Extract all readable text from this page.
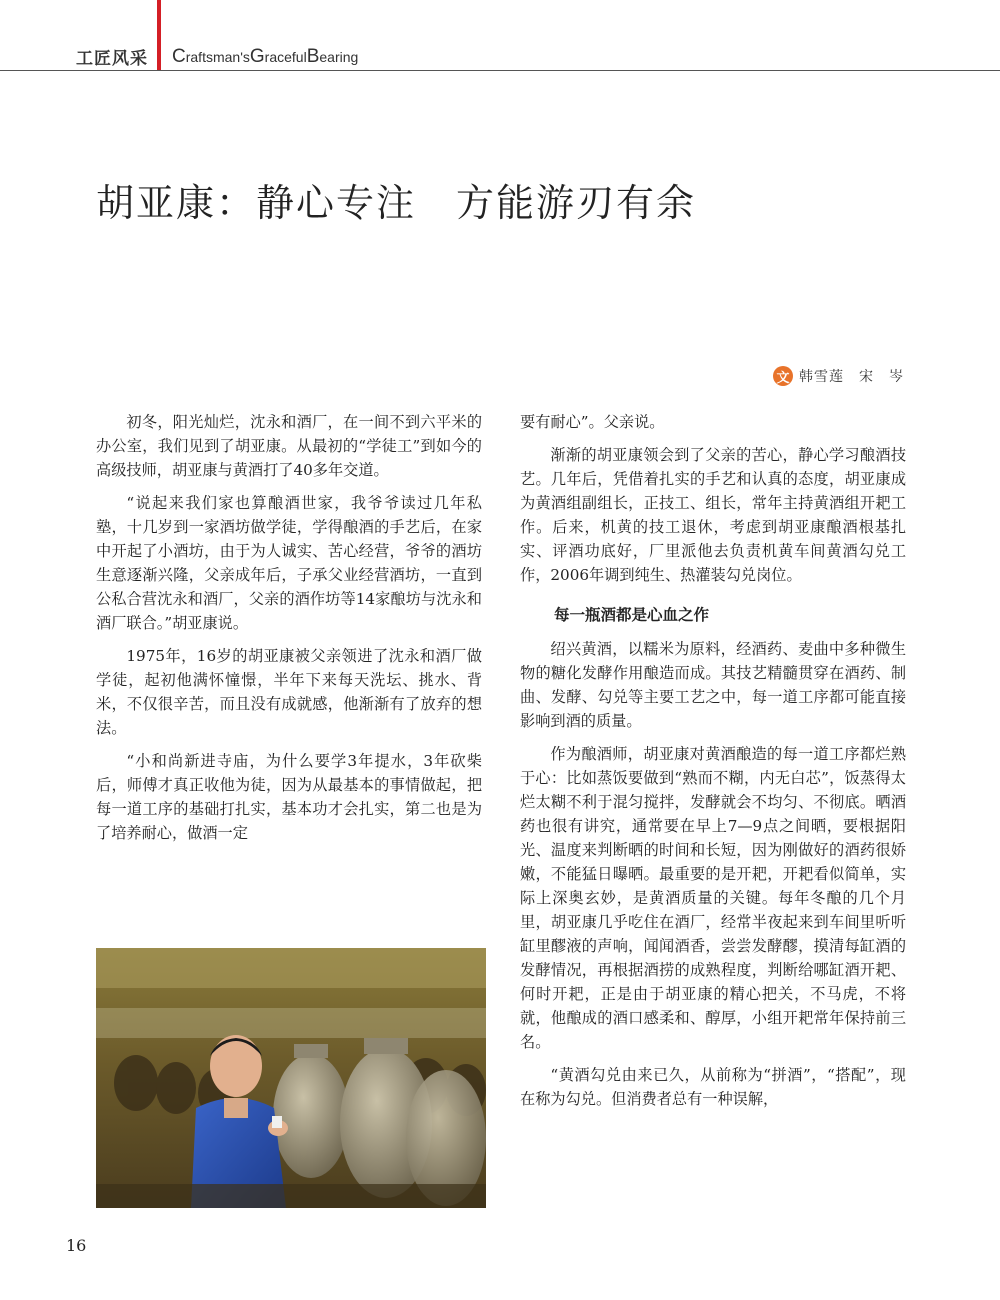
工匠风采 Craftsman'sGracefulBearing
胡亚康：静心专注　方能游刃有余
文 韩雪莲　宋　岑

初冬，阳光灿烂，沈永和酒厂，在一间不到六平米的办公室，我们见到了胡亚康。从最初的“学徒工”到如今的高级技师，胡亚康与黄酒打了40多年交道。

“说起来我们家也算酿酒世家，我爷爷读过几年私塾，十几岁到一家酒坊做学徒，学得酿酒的手艺后，在家中开起了小酒坊，由于为人诚实、苦心经营，爷爷的酒坊生意逐渐兴隆，父亲成年后，子承父业经营酒坊，一直到公私合营沈永和酒厂，父亲的酒作坊等14家酿坊与沈永和酒厂联合。”胡亚康说。

1975年，16岁的胡亚康被父亲领进了沈永和酒厂做学徒，起初他满怀憧憬，半年下来每天洗坛、挑水、背米，不仅很辛苦，而且没有成就感，他渐渐有了放弃的想法。

“小和尚新进寺庙，为什么要学3年提水，3年砍柴后，师傅才真正收他为徒，因为从最基本的事情做起，把每一道工序的基础打扎实，基本功才会扎实，第二也是为了培养耐心，做酒一定

要有耐心”。父亲说。

渐渐的胡亚康领会到了父亲的苦心，静心学习酿酒技艺。几年后，凭借着扎实的手艺和认真的态度，胡亚康成为黄酒组副组长，正技工、组长，常年主持黄酒组开耙工作。后来，机黄的技工退休，考虑到胡亚康酿酒根基扎实、评酒功底好，厂里派他去负责机黄车间黄酒勾兑工作，2006年调到纯生、热灌装勾兑岗位。

每一瓶酒都是心血之作

绍兴黄酒，以糯米为原料，经酒药、麦曲中多种微生物的糖化发酵作用酿造而成。其技艺精髓贯穿在酒药、制曲、发酵、勾兑等主要工艺之中，每一道工序都可能直接影响到酒的质量。

作为酿酒师，胡亚康对黄酒酿造的每一道工序都烂熟于心：比如蒸饭要做到“熟而不糊，内无白芯”，饭蒸得太烂太糊不利于混匀搅拌，发酵就会不均匀、不彻底。晒酒药也很有讲究，通常要在早上7—9点之间晒，要根据阳光、温度来判断晒的时间和长短，因为刚做好的酒药很娇嫩，不能猛日曝晒。最重要的是开耙，开耙看似简单，实际上深奥玄妙，是黄酒质量的关键。每年冬酿的几个月里，胡亚康几乎吃住在酒厂，经常半夜起来到车间里听听缸里醪液的声响，闻闻酒香，尝尝发酵醪，摸清每缸酒的发酵情况，再根据酒捞的成熟程度，判断给哪缸酒开耙、何时开耙，正是由于胡亚康的精心把关，不马虎，不将就，他酿成的酒口感柔和、醇厚，小组开耙常年保持前三名。

“黄酒勾兑由来已久，从前称为“拼酒”，“搭配”，现在称为勾兑。但消费者总有一种误解，

16
